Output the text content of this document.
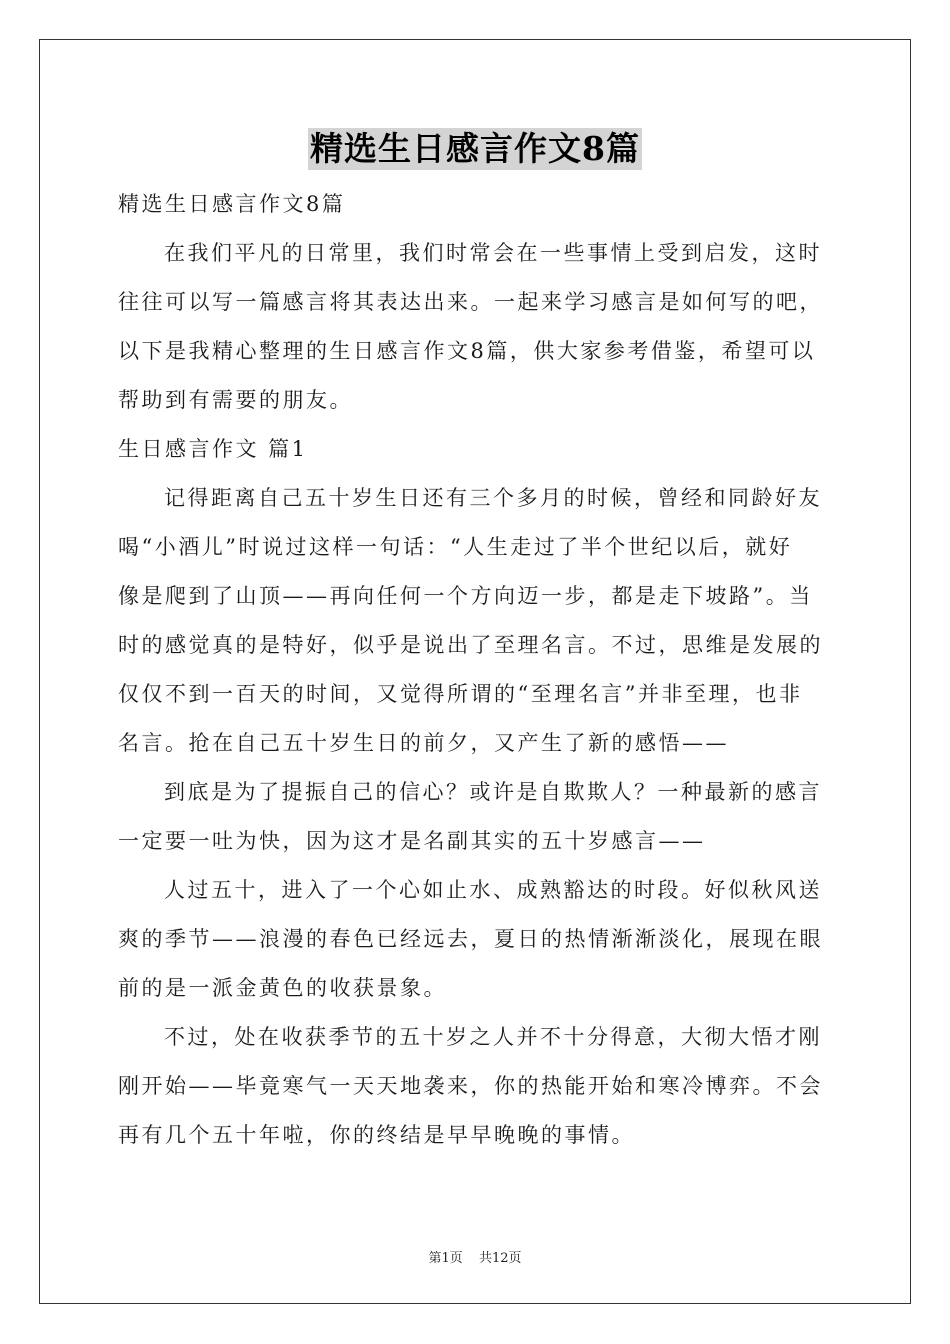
精选生日感言作文8篇
精选生日感言作文8篇
在我们平凡的日常里，我们时常会在一些事情上受到启发，这时
往往可以写一篇感言将其表达出来。一起来学习感言是如何写的吧，
以下是我精心整理的生日感言作文8篇，供大家参考借鉴，希望可以
帮助到有需要的朋友。
生日感言作文 篇1
记得距离自己五十岁生日还有三个多月的时候，曾经和同龄好友
喝“小酒儿”时说过这样一句话：“人生走过了半个世纪以后，就好
像是爬到了山顶——再向任何一个方向迈一步，都是走下坡路”。当
时的感觉真的是特好，似乎是说出了至理名言。不过，思维是发展的
仅仅不到一百天的时间，又觉得所谓的“至理名言”并非至理，也非
名言。抢在自己五十岁生日的前夕，又产生了新的感悟——
到底是为了提振自己的信心？或许是自欺欺人？一种最新的感言
一定要一吐为快，因为这才是名副其实的五十岁感言——
人过五十，进入了一个心如止水、成熟豁达的时段。好似秋风送
爽的季节——浪漫的春色已经远去，夏日的热情渐渐淡化，展现在眼
前的是一派金黄色的收获景象。
不过，处在收获季节的五十岁之人并不十分得意，大彻大悟才刚
刚开始——毕竟寒气一天天地袭来，你的热能开始和寒冷博弈。不会
再有几个五十年啦，你的终结是早早晚晚的事情。
第1页 共12页
